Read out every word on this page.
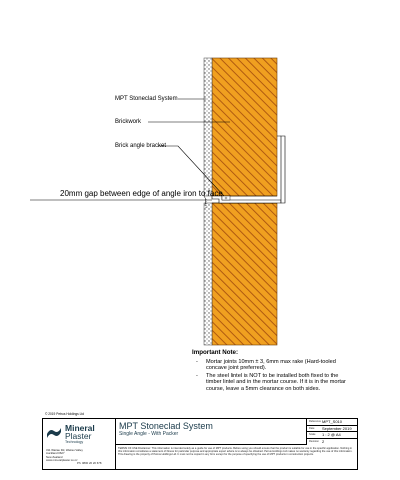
MPT Stoneclad System
Brickwork
Brick angle bracket
20mm gap between edge of angle iron to face
Important Note:
- Mortar joints 10mm ± 3, 6mm max rake (Hard-tooled concave joint preferred).
- The steel lintel is NOT to be installed both fixed to the timber lintel and in the mortar course. If it is in the mortar course, leave a 5mm clearance on both sides.
© 2019 Petrus Holdings Ltd
Mineral
Plaster
Technology
311 Wairau Rd, Wairau Valley
Auckland 0627
New Zealand
www.mineralplaster.co.nz
Ph: 0800 20 20 678
MPT Stoneclad System
Single Angle - With Packer
Reference MPT_S010
Date September 2019
Scale 1 : 2 @ A4
Revision 2
TERMS OF USE Disclaimer: This information is intended solely as a guide for use of MPT products. Before using you should ensure that the product is suitable for use in the specific application. Nothing in this information constitutes a statement of fitness for particular purpose and appropriate expert advice is to always be obtained. Petrus Holdings Ltd makes no warranty regarding the use of this information. This drawing is the property of Petrus Holdings Ltd. It must not be copied in any form except for the purpose of specifying the use of MPT products in construction projects.
